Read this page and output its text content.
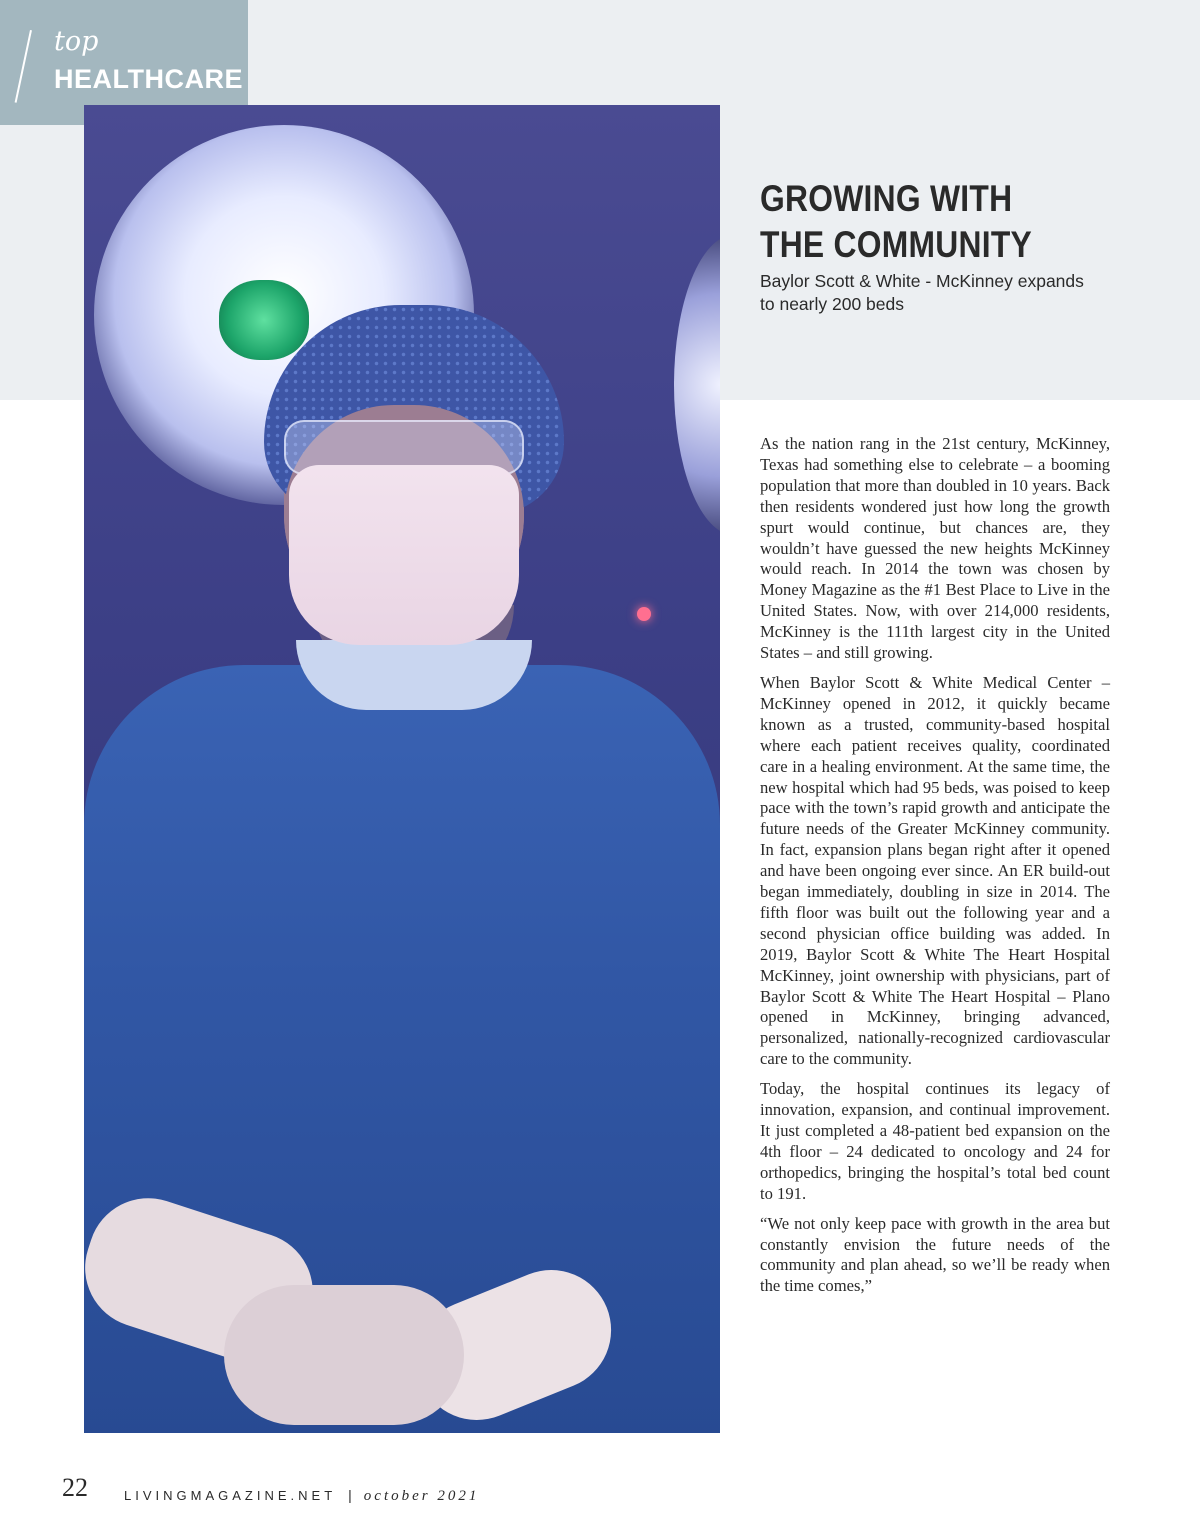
top
HEALTHCARE
GROWING WITH THE COMMUNITY

Baylor Scott & White - McKinney expands to nearly 200 beds

As the nation rang in the 21st century, McKinney, Texas had something else to celebrate – a booming population that more than doubled in 10 years. Back then residents wondered just how long the growth spurt would continue, but chances are, they wouldn’t have guessed the new heights McKinney would reach. In 2014 the town was chosen by Money Magazine as the #1 Best Place to Live in the United States. Now, with over 214,000 residents, McKinney is the 111th largest city in the United States – and still growing.

When Baylor Scott & White Medical Center – McKinney opened in 2012, it quickly became known as a trusted, community-based hospital where each patient receives quality, coordinated care in a healing environment. At the same time, the new hospital which had 95 beds, was poised to keep pace with the town’s rapid growth and anticipate the future needs of the Greater McKinney community. In fact, expansion plans began right after it opened and have been ongoing ever since. An ER build-out began immediately, doubling in size in 2014. The fifth floor was built out the following year and a second physician office building was added. In 2019, Baylor Scott & White The Heart Hospital McKinney, joint ownership with physicians, part of Baylor Scott & White The Heart Hospital – Plano opened in McKinney, bringing advanced, personalized, nationally-recognized cardiovascular care to the community.

Today, the hospital continues its legacy of innovation, expansion, and continual improvement. It just completed a 48-patient bed expansion on the 4th floor – 24 dedicated to oncology and 24 for orthopedics, bringing the hospital’s total bed count to 191.

“We not only keep pace with growth in the area but constantly envision the future needs of the community and plan ahead, so we’ll be ready when the time comes,”

22	LIVINGMAGAZINE.NET | october 2021
